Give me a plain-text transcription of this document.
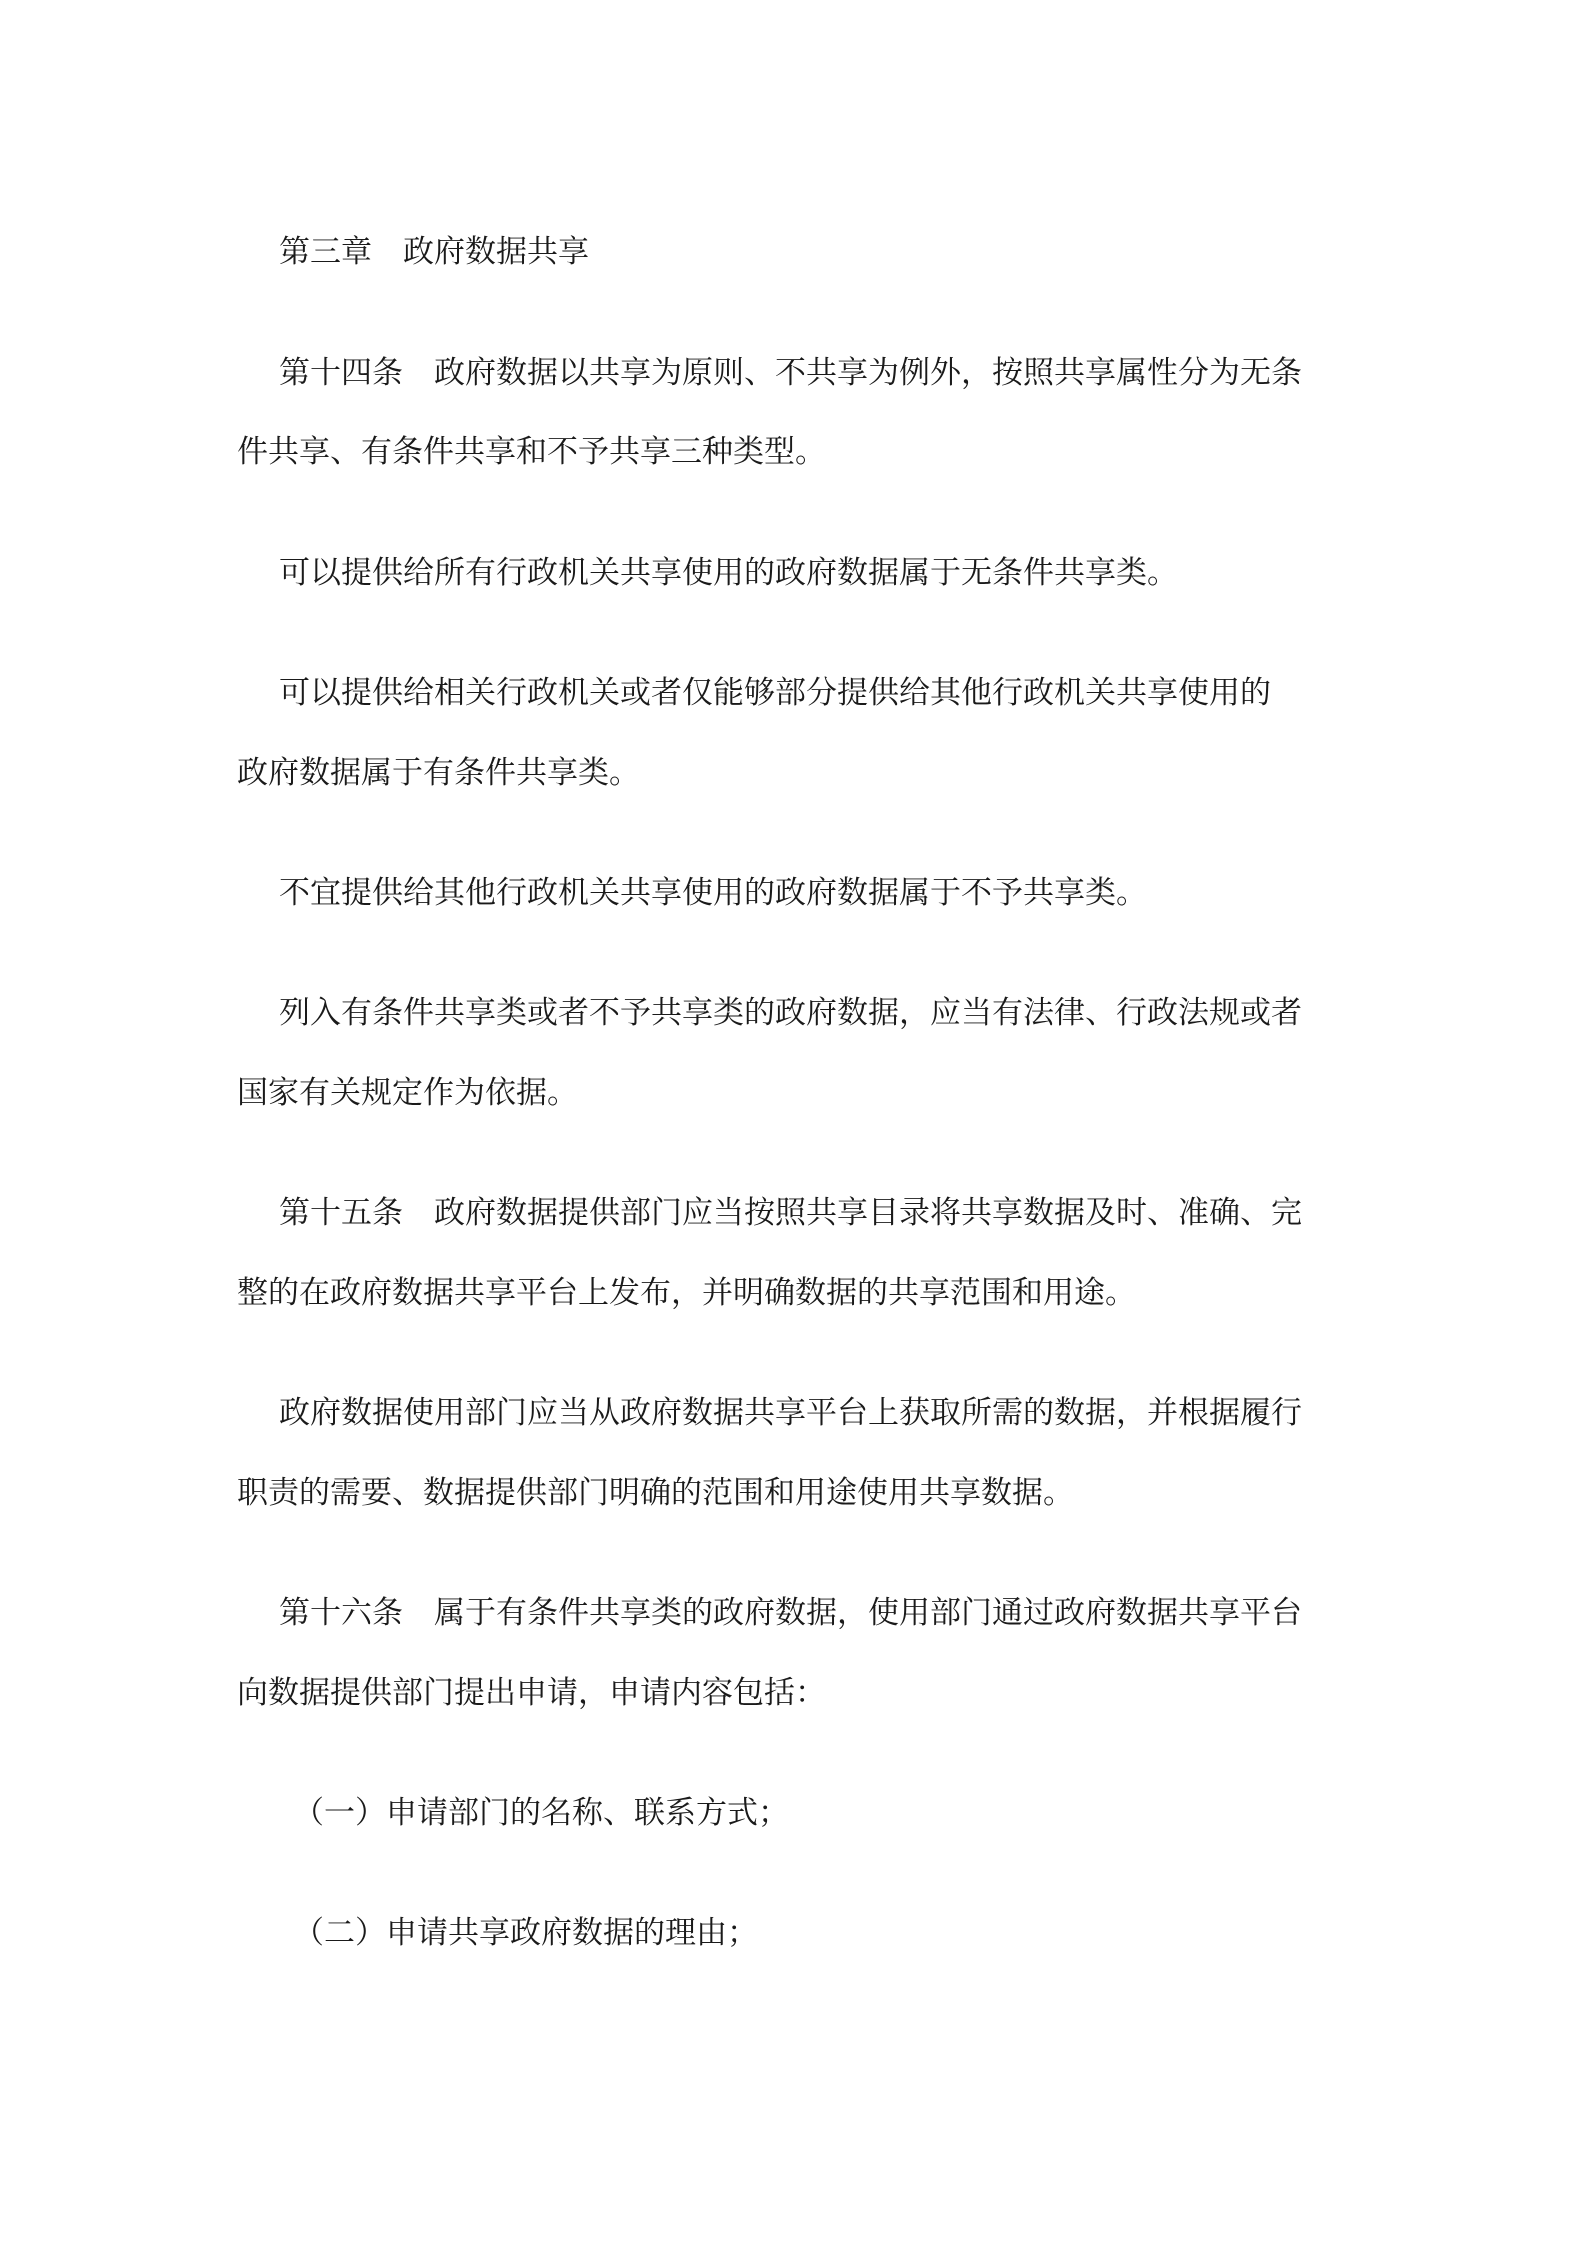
第三章　政府数据共享
第十四条　政府数据以共享为原则、不共享为例外，按照共享属性分为无条
件共享、有条件共享和不予共享三种类型。
可以提供给所有行政机关共享使用的政府数据属于无条件共享类。
可以提供给相关行政机关或者仅能够部分提供给其他行政机关共享使用的
政府数据属于有条件共享类。
不宜提供给其他行政机关共享使用的政府数据属于不予共享类。
列入有条件共享类或者不予共享类的政府数据，应当有法律、行政法规或者
国家有关规定作为依据。
第十五条　政府数据提供部门应当按照共享目录将共享数据及时、准确、完
整的在政府数据共享平台上发布，并明确数据的共享范围和用途。
政府数据使用部门应当从政府数据共享平台上获取所需的数据，并根据履行
职责的需要、数据提供部门明确的范围和用途使用共享数据。
第十六条　属于有条件共享类的政府数据，使用部门通过政府数据共享平台
向数据提供部门提出申请，申请内容包括：
（一）申请部门的名称、联系方式；
（二）申请共享政府数据的理由；
